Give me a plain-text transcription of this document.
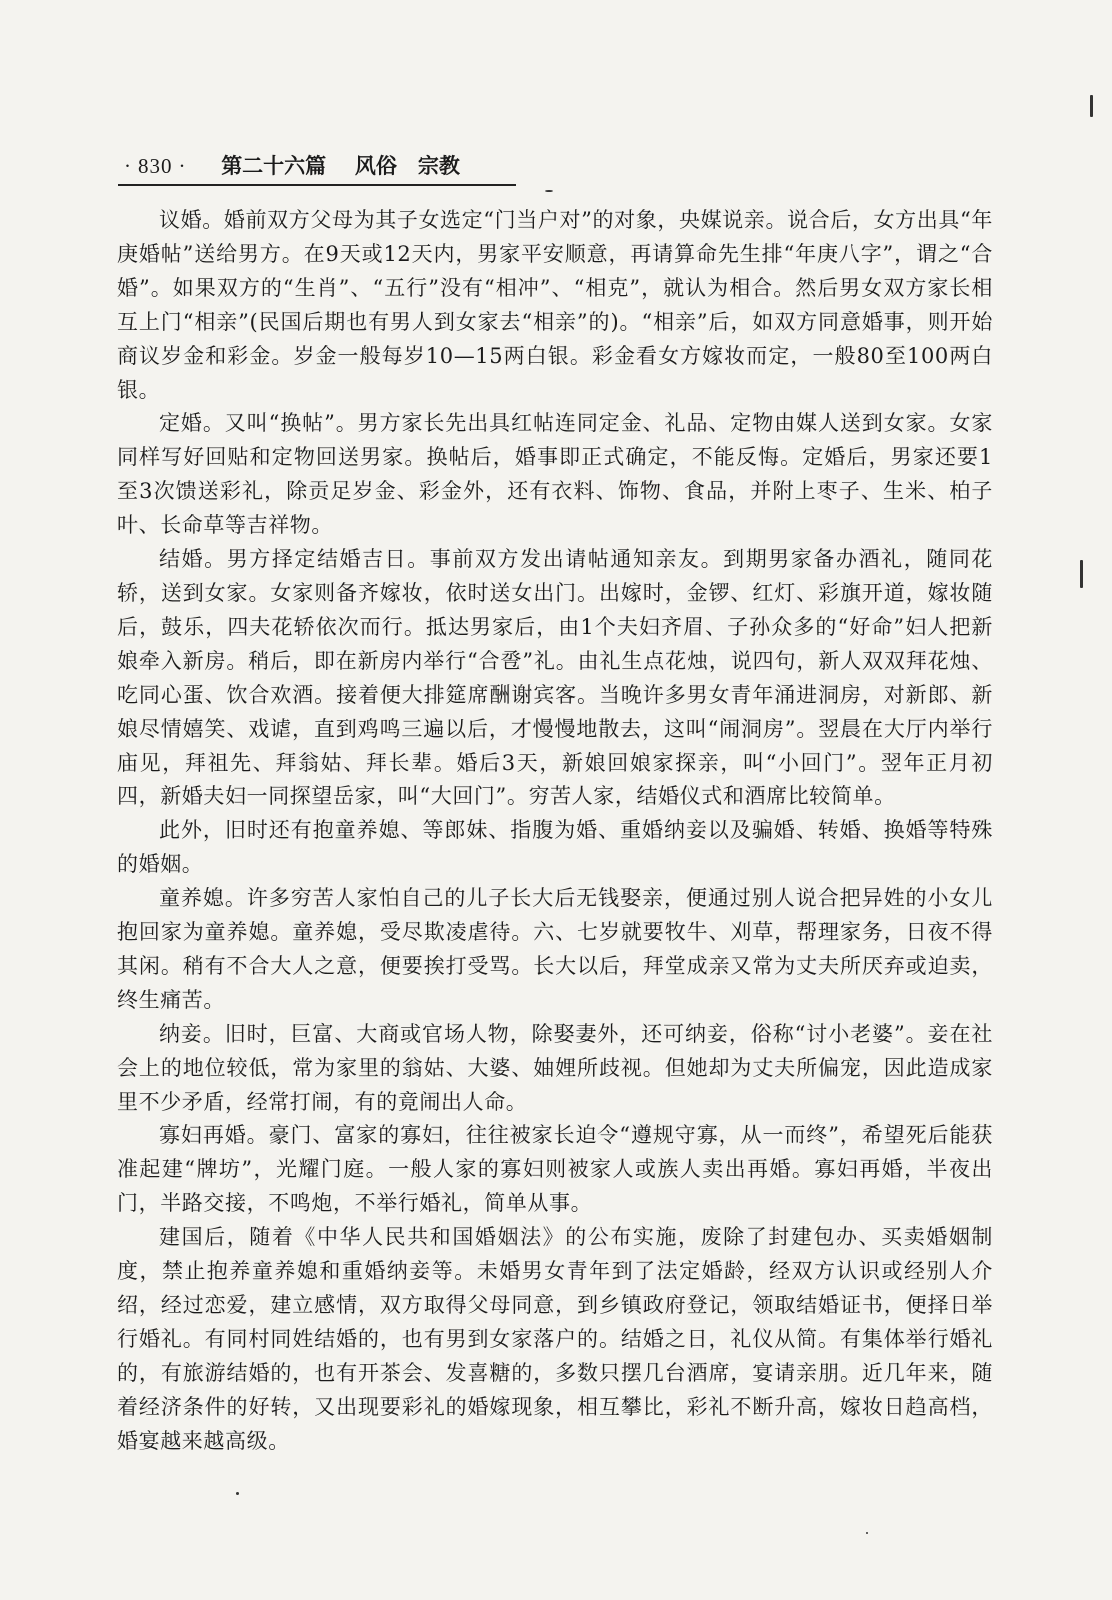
· 830 · 第二十六篇 风俗　宗教

议婚。婚前双方父母为其子女选定“门当户对”的对象，央媒说亲。说合后，女方出具“年庚婚帖”送给男方。在9天或12天内，男家平安顺意，再请算命先生排“年庚八字”，谓之“合婚”。如果双方的“生肖”、“五行”没有“相冲”、“相克”，就认为相合。然后男女双方家长相互上门“相亲”(民国后期也有男人到女家去“相亲”的)。“相亲”后，如双方同意婚事，则开始商议岁金和彩金。岁金一般每岁10—15两白银。彩金看女方嫁妆而定，一般80至100两白银。

定婚。又叫“换帖”。男方家长先出具红帖连同定金、礼品、定物由媒人送到女家。女家同样写好回贴和定物回送男家。换帖后，婚事即正式确定，不能反悔。定婚后，男家还要1至3次馈送彩礼，除贡足岁金、彩金外，还有衣料、饰物、食品，并附上枣子、生米、柏子叶、长命草等吉祥物。

结婚。男方择定结婚吉日。事前双方发出请帖通知亲友。到期男家备办酒礼，随同花轿，送到女家。女家则备齐嫁妆，依时送女出门。出嫁时，金锣、红灯、彩旗开道，嫁妆随后，鼓乐，四夫花轿依次而行。抵达男家后，由1个夫妇齐眉、子孙众多的“好命”妇人把新娘牵入新房。稍后，即在新房内举行“合卺”礼。由礼生点花烛，说四句，新人双双拜花烛、吃同心蛋、饮合欢酒。接着便大排筵席酬谢宾客。当晚许多男女青年涌进洞房，对新郎、新娘尽情嬉笑、戏谑，直到鸡鸣三遍以后，才慢慢地散去，这叫“闹洞房”。翌晨在大厅内举行庙见，拜祖先、拜翁姑、拜长辈。婚后3天，新娘回娘家探亲，叫“小回门”。翌年正月初四，新婚夫妇一同探望岳家，叫“大回门”。穷苦人家，结婚仪式和酒席比较简单。

此外，旧时还有抱童养媳、等郎妹、指腹为婚、重婚纳妾以及骗婚、转婚、换婚等特殊的婚姻。

童养媳。许多穷苦人家怕自己的儿子长大后无钱娶亲，便通过别人说合把异姓的小女儿抱回家为童养媳。童养媳，受尽欺凌虐待。六、七岁就要牧牛、刈草，帮理家务，日夜不得其闲。稍有不合大人之意，便要挨打受骂。长大以后，拜堂成亲又常为丈夫所厌弃或迫卖，终生痛苦。

纳妾。旧时，巨富、大商或官场人物，除娶妻外，还可纳妾，俗称“讨小老婆”。妾在社会上的地位较低，常为家里的翁姑、大婆、妯娌所歧视。但她却为丈夫所偏宠，因此造成家里不少矛盾，经常打闹，有的竟闹出人命。

寡妇再婚。豪门、富家的寡妇，往往被家长迫令“遵规守寡，从一而终”，希望死后能获准起建“牌坊”，光耀门庭。一般人家的寡妇则被家人或族人卖出再婚。寡妇再婚，半夜出门，半路交接，不鸣炮，不举行婚礼，简单从事。

建国后，随着《中华人民共和国婚姻法》的公布实施，废除了封建包办、买卖婚姻制度，禁止抱养童养媳和重婚纳妾等。未婚男女青年到了法定婚龄，经双方认识或经别人介绍，经过恋爱，建立感情，双方取得父母同意，到乡镇政府登记，领取结婚证书，便择日举行婚礼。有同村同姓结婚的，也有男到女家落户的。结婚之日，礼仪从简。有集体举行婚礼的，有旅游结婚的，也有开茶会、发喜糖的，多数只摆几台酒席，宴请亲朋。近几年来，随着经济条件的好转，又出现要彩礼的婚嫁现象，相互攀比，彩礼不断升高，嫁妆日趋高档，婚宴越来越高级。
